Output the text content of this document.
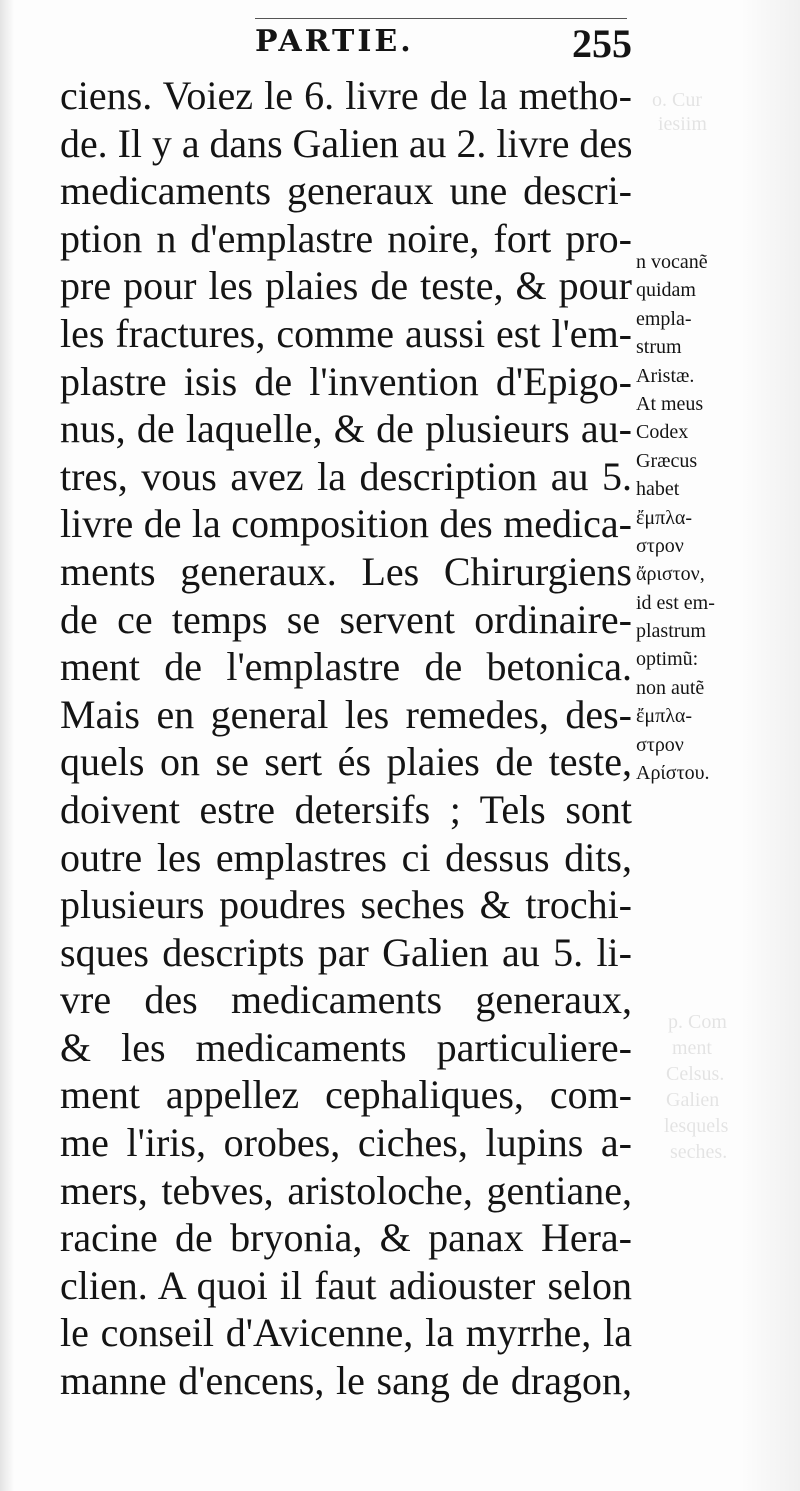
o. Cur
iesiim
p. Com
ment
Celsus.
Galien
lesquels
seches.
PARTIE.	255
ciens. Voiez le 6. livre de la metho-
de. Il y a dans Galien au 2. livre des
medicaments generaux une descri-
ption n d'emplastre noire, fort pro-
pre pour les plaies de teste, & pour
les fractures, comme aussi est l'em-
plastre isis de l'invention d'Epigo-
nus, de laquelle, & de plusieurs au-
tres, vous avez la description au 5.
livre de la composition des medica-
ments generaux. Les Chirurgiens
de ce temps se servent ordinaire-
ment de l'emplastre de betonica.
Mais en general les remedes, des-
quels on se sert és plaies de teste,
doivent estre detersifs ; Tels sont
outre les emplastres ci dessus dits,
plusieurs poudres seches & trochi-
sques descripts par Galien au 5. li-
vre des medicaments generaux,
& les medicaments particuliere-
ment appellez cephaliques, com-
me l'iris, orobes, ciches, lupins a-
mers, tebves, aristoloche, gentiane,
racine de bryonia, & panax Hera-
clien. A quoi il faut adiouster selon
le conseil d'Avicenne, la myrrhe, la
manne d'encens, le sang de dragon,
n vocanẽ
quidam
empla-
strum
Aristæ.
At meus
Codex
Græcus
habet
ἔμπλα-
στρον
ἄριστον,
id est em-
plastrum
optimũ:
non autẽ
ἔμπλα-
στρον
Αρίστου.
